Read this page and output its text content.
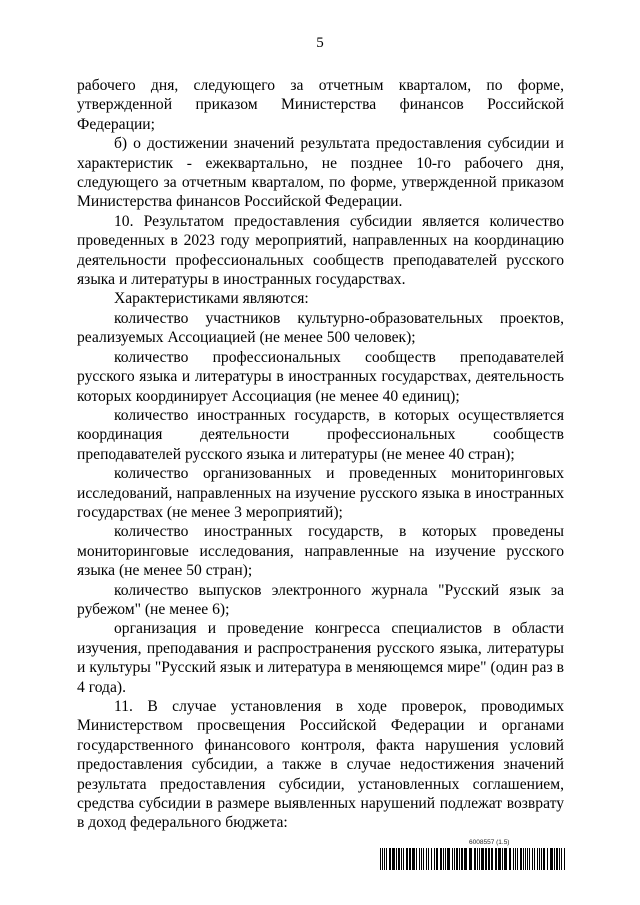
5

рабочего дня, следующего за отчетным кварталом, по форме, утвержденной приказом Министерства финансов Российской Федерации;

б) о достижении значений результата предоставления субсидии и характеристик - ежеквартально, не позднее 10-го рабочего дня, следующего за отчетным кварталом, по форме, утвержденной приказом Министерства финансов Российской Федерации.

10. Результатом предоставления субсидии является количество проведенных в 2023 году мероприятий, направленных на координацию деятельности профессиональных сообществ преподавателей русского языка и литературы в иностранных государствах.

Характеристиками являются:

количество участников культурно-образовательных проектов, реализуемых Ассоциацией (не менее 500 человек);

количество профессиональных сообществ преподавателей русского языка и литературы в иностранных государствах, деятельность которых координирует Ассоциация (не менее 40 единиц);

количество иностранных государств, в которых осуществляется координация деятельности профессиональных сообществ преподавателей русского языка и литературы (не менее 40 стран);

количество организованных и проведенных мониторинговых исследований, направленных на изучение русского языка в иностранных государствах (не менее 3 мероприятий);

количество иностранных государств, в которых проведены мониторинговые исследования, направленные на изучение русского языка (не менее 50 стран);

количество выпусков электронного журнала "Русский язык за рубежом" (не менее 6);

организация и проведение конгресса специалистов в области изучения, преподавания и распространения русского языка, литературы и культуры "Русский язык и литература в меняющемся мире" (один раз в 4 года).

11. В случае установления в ходе проверок, проводимых Министерством просвещения Российской Федерации и органами государственного финансового контроля, факта нарушения условий предоставления субсидии, а также в случае недостижения значений результата предоставления субсидии, установленных соглашением, средства субсидии в размере выявленных нарушений подлежат возврату в доход федерального бюджета:

6008557 (1.5)
